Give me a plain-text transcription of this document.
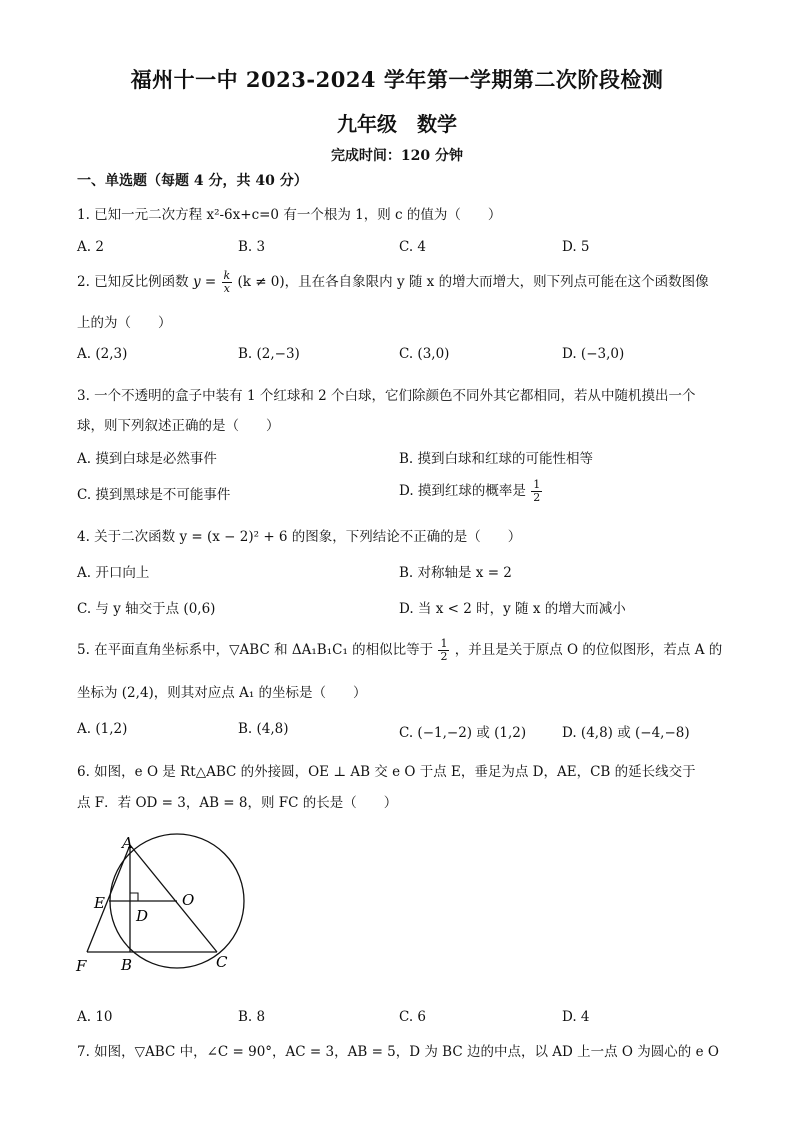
福州十一中 2023-2024 学年第一学期第二次阶段检测
九年级　数学
完成时间：120 分钟
一、单选题（每题 4 分，共 40 分）
1. 已知一元二次方程 x²-6x+c=0 有一个根为 1，则 c 的值为（　　）
A. 2	B. 3	C. 4	D. 5
2. 已知反比例函数 $y = \frac{k}{x} (k \ne 0)$，且在各自象限内 y 随 x 的增大而增大，则下列点可能在这个函数图像
上的为（　　）
A. (2,3)	B. (2,−3)	C. (3,0)	D. (−3,0)
3. 一个不透明的盒子中装有 1 个红球和 2 个白球，它们除颜色不同外其它都相同，若从中随机摸出一个
球，则下列叙述正确的是（　　）
A. 摸到白球是必然事件	B. 摸到白球和红球的可能性相等
C. 摸到黑球是不可能事件	D. 摸到红球的概率是 $\frac{1}{2}$
4. 关于二次函数 y = (x − 2)² + 6 的图象，下列结论不正确的是（　　）
A. 开口向上	B. 对称轴是 x = 2
C. 与 y 轴交于点 (0,6)	D. 当 x < 2 时，y 随 x 的增大而减小
5. 在平面直角坐标系中，▽ABC 和 ΔA₁B₁C₁ 的相似比等于 $\frac{1}{2}$ ，并且是关于原点 O 的位似图形，若点 A 的
坐标为 (2,4)，则其对应点 A₁ 的坐标是（　　）
A. (1,2)	B. (4,8)	C. (−1,−2) 或 (1,2)	D. (4,8) 或 (−4,−8)
6. 如图，e O 是 Rt△ABC 的外接圆，OE ⊥ AB 交 e O 于点 E，垂足为点 D，AE，CB 的延长线交于
点 F．若 OD = 3，AB = 8，则 FC 的长是（　　）
A
E
D
O
F B	C
A. 10	B. 8	C. 6	D. 4
7. 如图，▽ABC 中，∠C = 90°，AC = 3，AB = 5，D 为 BC 边的中点，以 AD 上一点 O 为圆心的 e O
